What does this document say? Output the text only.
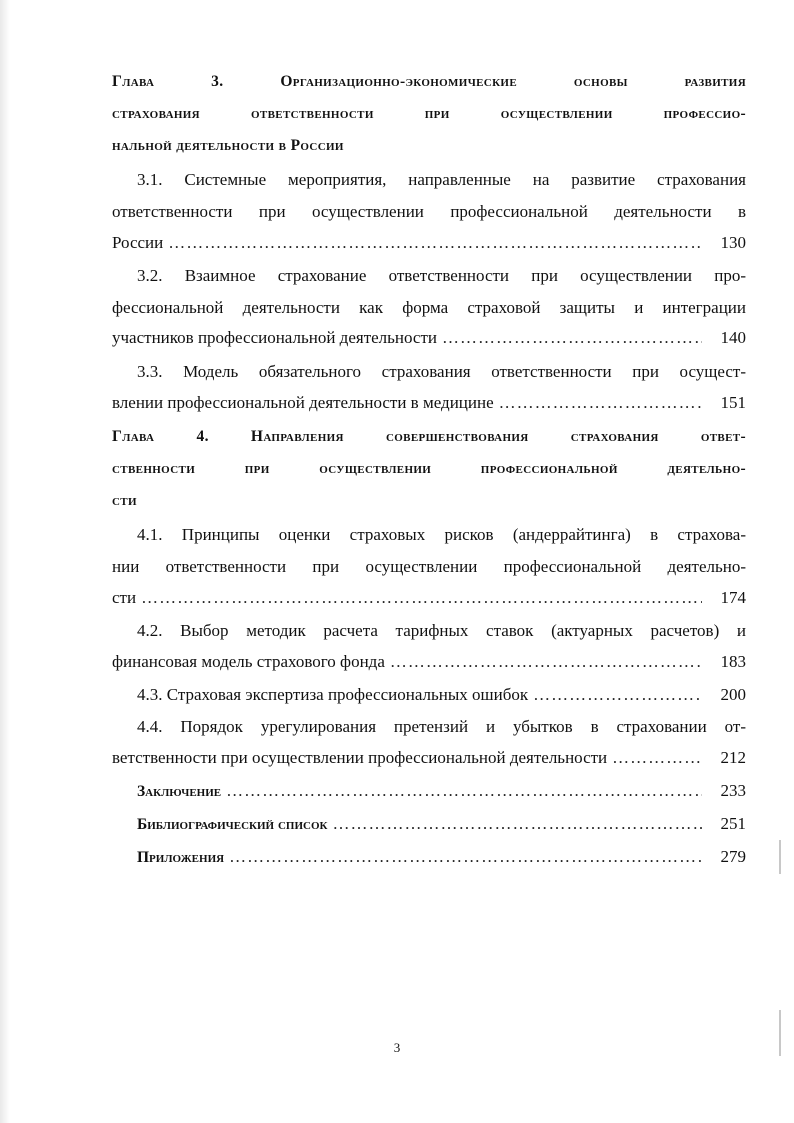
Глава 3. Организационно-экономические основы развития
страхования ответственности при осуществлении профессио-
нальной деятельности в России
3.1. Системные мероприятия, направленные на развитие страхования
ответственности при осуществлении профессиональной деятельности в
России ……………………………………………………………………………………………………………………………………………………	130
3.2. Взаимное страхование ответственности при осуществлении про-
фессиональной деятельности как форма страховой защиты и интеграции
участников профессиональной деятельности ……………………………………………………………………………………………………………………………………………………	140
3.3. Модель обязательного страхования ответственности при осущест-
влении профессиональной деятельности в медицине ……………………………………………………………………………………………………………………………………………………	151
Глава 4. Направления совершенствования страхования ответ-
ственности при осуществлении профессиональной деятельно-
сти
4.1. Принципы оценки страховых рисков (андеррайтинга) в страхова-
нии ответственности при осуществлении профессиональной деятельно-
сти ……………………………………………………………………………………………………………………………………………………	174
4.2. Выбор методик расчета тарифных ставок (актуарных расчетов) и
финансовая модель страхового фонда ……………………………………………………………………………………………………………………………………………………	183
4.3. Страховая экспертиза профессиональных ошибок ……………………………………………………………………………………………………………………………………………………	200
4.4. Порядок урегулирования претензий и убытков в страховании от-
ветственности при осуществлении профессиональной деятельности ……………………………………………………………………………………………………………………………………………………	212
Заключение ……………………………………………………………………………………………………………………………………………………	233
Библиографический список ……………………………………………………………………………………………………………………………………………………	251
Приложения ……………………………………………………………………………………………………………………………………………………	279
3
